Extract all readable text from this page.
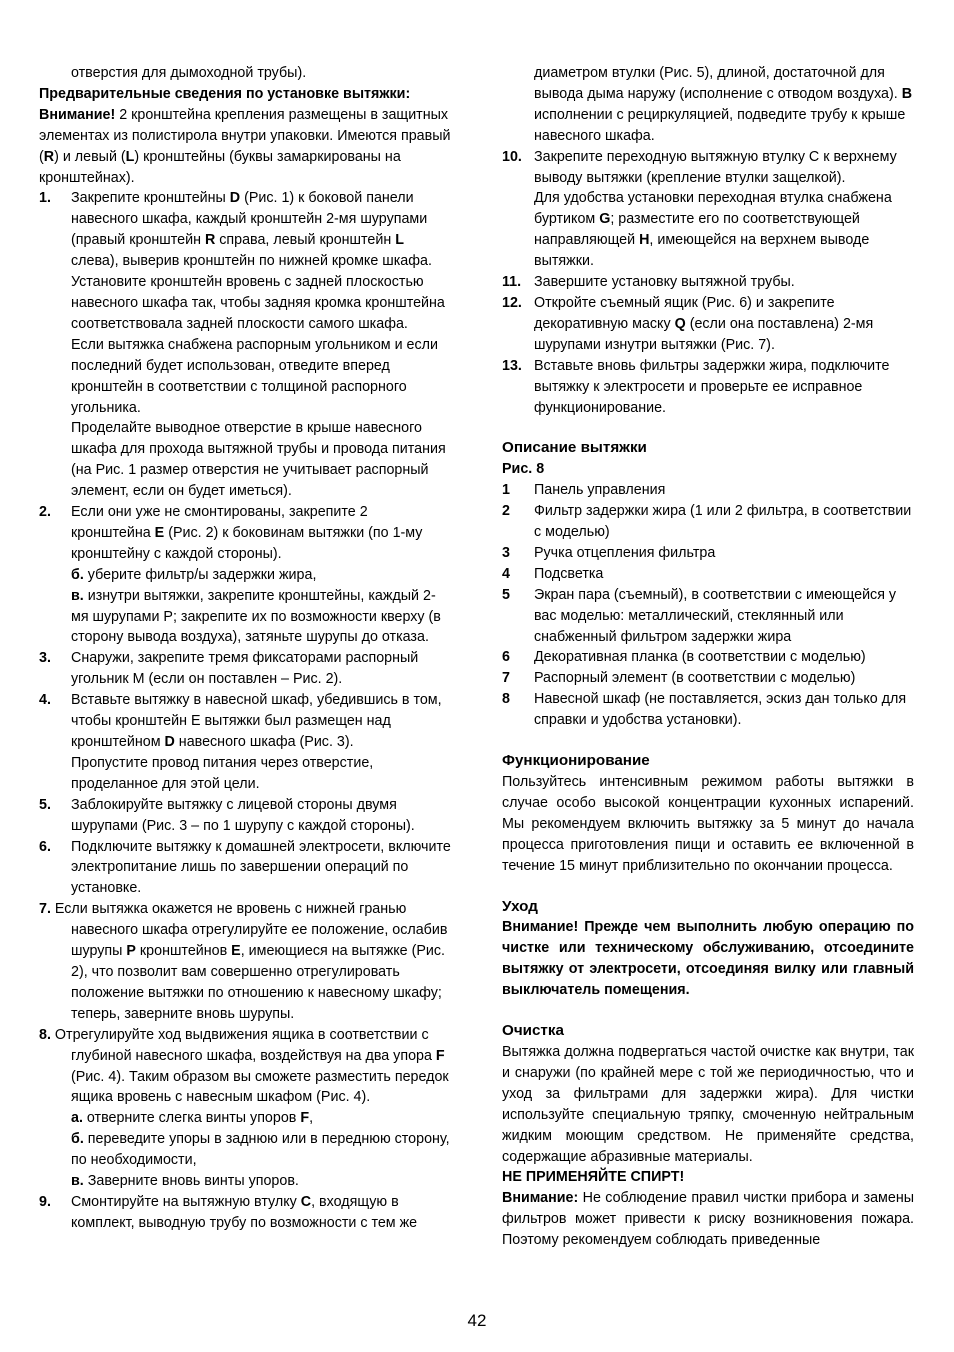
отверстия для дымоходной трубы).
Предварительные сведения по установке вытяжки:
Внимание! 2 кронштейна крепления размещены в защитных элементах из полистирола внутри упаковки. Имеются правый (R) и левый (L) кронштейны (буквы замаркированы на кронштейнах).
1. Закрепите кронштейны D (Рис. 1) к боковой панели навесного шкафа, каждый кронштейн 2-мя шурупами (правый кронштейн R справа, левый кронштейн L слева), выверив кронштейн по нижней кромке шкафа. Установите кронштейн вровень с задней плоскостью навесного шкафа так, чтобы задняя кромка кронштейна соответствовала задней плоскости самого шкафа.
Если вытяжка снабжена распорным угольником и если последний будет использован, отведите вперед кронштейн в соответствии с толщиной распорного угольника.
Проделайте выводное отверстие в крыше навесного шкафа для прохода вытяжной трубы и провода питания (на Рис. 1 размер отверстия не учитывает распорный элемент, если он будет иметься).
2. Если они уже не смонтированы, закрепите 2 кронштейна E (Рис. 2) к боковинам вытяжки (по 1-му кронштейну с каждой стороны).
б. уберите фильтр/ы задержки жира,
в. изнутри вытяжки, закрепите кронштейны, каждый 2-мя шурупами P; закрепите их по возможности кверху (в сторону вывода воздуха), затяньте шурупы до отказа.
3. Снаружи, закрепите тремя фиксаторами распорный угольник M (если он поставлен – Рис. 2).
4. Вставьте вытяжку в навесной шкаф, убедившись в том, чтобы кронштейн E вытяжки был размещен над кронштейном D навесного шкафа (Рис. 3).
Пропустите провод питания через отверстие, проделанное для этой цели.
5. Заблокируйте вытяжку с лицевой стороны двумя шурупами (Рис. 3 – по 1 шурупу с каждой стороны).
6. Подключите вытяжку к домашней электросети, включите электропитание лишь по завершении операций по установке.
7. Если вытяжка окажется не вровень с нижней гранью навесного шкафа отрегулируйте ее положение, ослабив шурупы P кронштейнов E, имеющиеся на вытяжке (Рис. 2), что позволит вам совершенно отрегулировать положение вытяжки по отношению к навесному шкафу; теперь, заверните вновь шурупы.
8. Отрегулируйте ход выдвижения ящика в соответствии с глубиной навесного шкафа, воздействуя на два упора F (Рис. 4). Таким образом вы сможете разместить передок ящика вровень с навесным шкафом (Рис. 4).
а. отверните слегка винты упоров F,
б. переведите упоры в заднюю или в переднюю сторону, по необходимости,
в. Заверните вновь винты упоров.
9. Смонтируйте на вытяжную втулку C, входящую в комплект, выводную трубу по возможности с тем же
диаметром втулки (Рис. 5), длиной, достаточной для вывода дыма наружу (исполнение с отводом воздуха). B исполнении с рециркуляцией, подведите трубу к крыше навесного шкафа.
10. Закрепите переходную вытяжную втулку С к верхнему выводу вытяжки (крепление втулки защелкой).
Для удобства установки переходная втулка снабжена буртиком G; разместите его по соответствующей направляющей H, имеющейся на верхнем выводе вытяжки.
11. Завершите установку вытяжной трубы.
12. Откройте съемный ящик (Рис. 6) и закрепите декоративную маску Q (если она поставлена) 2-мя шурупами изнутри вытяжки (Рис. 7).
13. Вставьте вновь фильтры задержки жира, подключите вытяжку к электросети и проверьте ее исправное функционирование.
Описание вытяжки
Рис. 8
1 Панель управления
2 Фильтр задержки жира (1 или 2 фильтра, в соответствии с моделью)
3 Ручка отцепления фильтра
4 Подсветка
5 Экран пара (съемный), в соответствии с имеющейся у вас моделью: металлический, стеклянный или снабженный фильтром задержки жира
6 Декоративная планка (в соответствии с моделью)
7 Распорный элемент (в соответствии с моделью)
8 Навесной шкаф (не поставляется, эскиз дан только для справки и удобства установки).
Функционирование
Пользуйтесь интенсивным режимом работы вытяжки в случае особо высокой концентрации кухонных испарений. Мы рекомендуем включить вытяжку за 5 минут до начала процесса приготовления пищи и оставить ее включенной в течение 15 минут приблизительно по окончании процесса.
Уход
Внимание! Прежде чем выполнить любую операцию по чистке или техническому обслуживанию, отсоедините вытяжку от электросети, отсоединяя вилку или главный выключатель помещения.
Очистка
Вытяжка должна подвергаться частой очистке как внутри, так и снаружи (по крайней мере с той же периодичностью, что и уход за фильтрами для задержки жира). Для чистки используйте специальную тряпку, смоченную нейтральным жидким моющим средством. Не применяйте средства, содержащие абразивные материалы.
НЕ ПРИМЕНЯЙТЕ СПИРТ!
Внимание: Не соблюдение правил чистки прибора и замены фильтров может привести к риску возникновения пожара. Поэтому рекомендуем соблюдать приведенные
42
